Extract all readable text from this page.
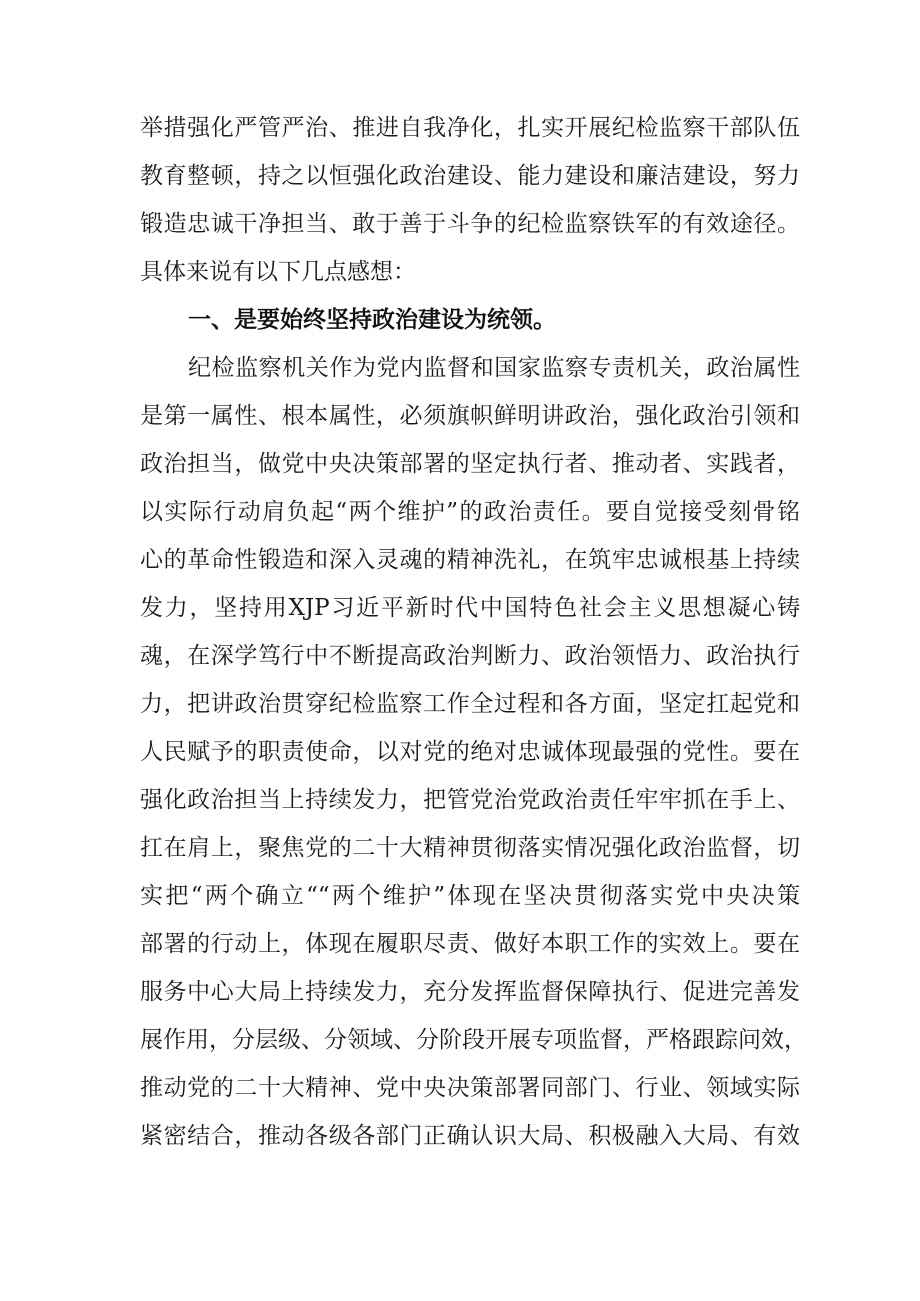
举措强化严管严治、推进自我净化，扎实开展纪检监察干部队伍
教育整顿，持之以恒强化政治建设、能力建设和廉洁建设，努力
锻造忠诚干净担当、敢于善于斗争的纪检监察铁军的有效途径。
具体来说有以下几点感想：
一、是要始终坚持政治建设为统领。
纪检监察机关作为党内监督和国家监察专责机关，政治属性
是第一属性、根本属性，必须旗帜鲜明讲政治，强化政治引领和
政治担当，做党中央决策部署的坚定执行者、推动者、实践者，
以实际行动肩负起“两个维护”的政治责任。要自觉接受刻骨铭
心的革命性锻造和深入灵魂的精神洗礼，在筑牢忠诚根基上持续
发力，坚持用XJP习近平新时代中国特色社会主义思想凝心铸
魂，在深学笃行中不断提高政治判断力、政治领悟力、政治执行
力，把讲政治贯穿纪检监察工作全过程和各方面，坚定扛起党和
人民赋予的职责使命，以对党的绝对忠诚体现最强的党性。要在
强化政治担当上持续发力，把管党治党政治责任牢牢抓在手上、
扛在肩上，聚焦党的二十大精神贯彻落实情况强化政治监督，切
实把“两个确立““两个维护”体现在坚决贯彻落实党中央决策
部署的行动上，体现在履职尽责、做好本职工作的实效上。要在
服务中心大局上持续发力，充分发挥监督保障执行、促进完善发
展作用，分层级、分领域、分阶段开展专项监督，严格跟踪问效，
推动党的二十大精神、党中央决策部署同部门、行业、领域实际
紧密结合，推动各级各部门正确认识大局、积极融入大局、有效
